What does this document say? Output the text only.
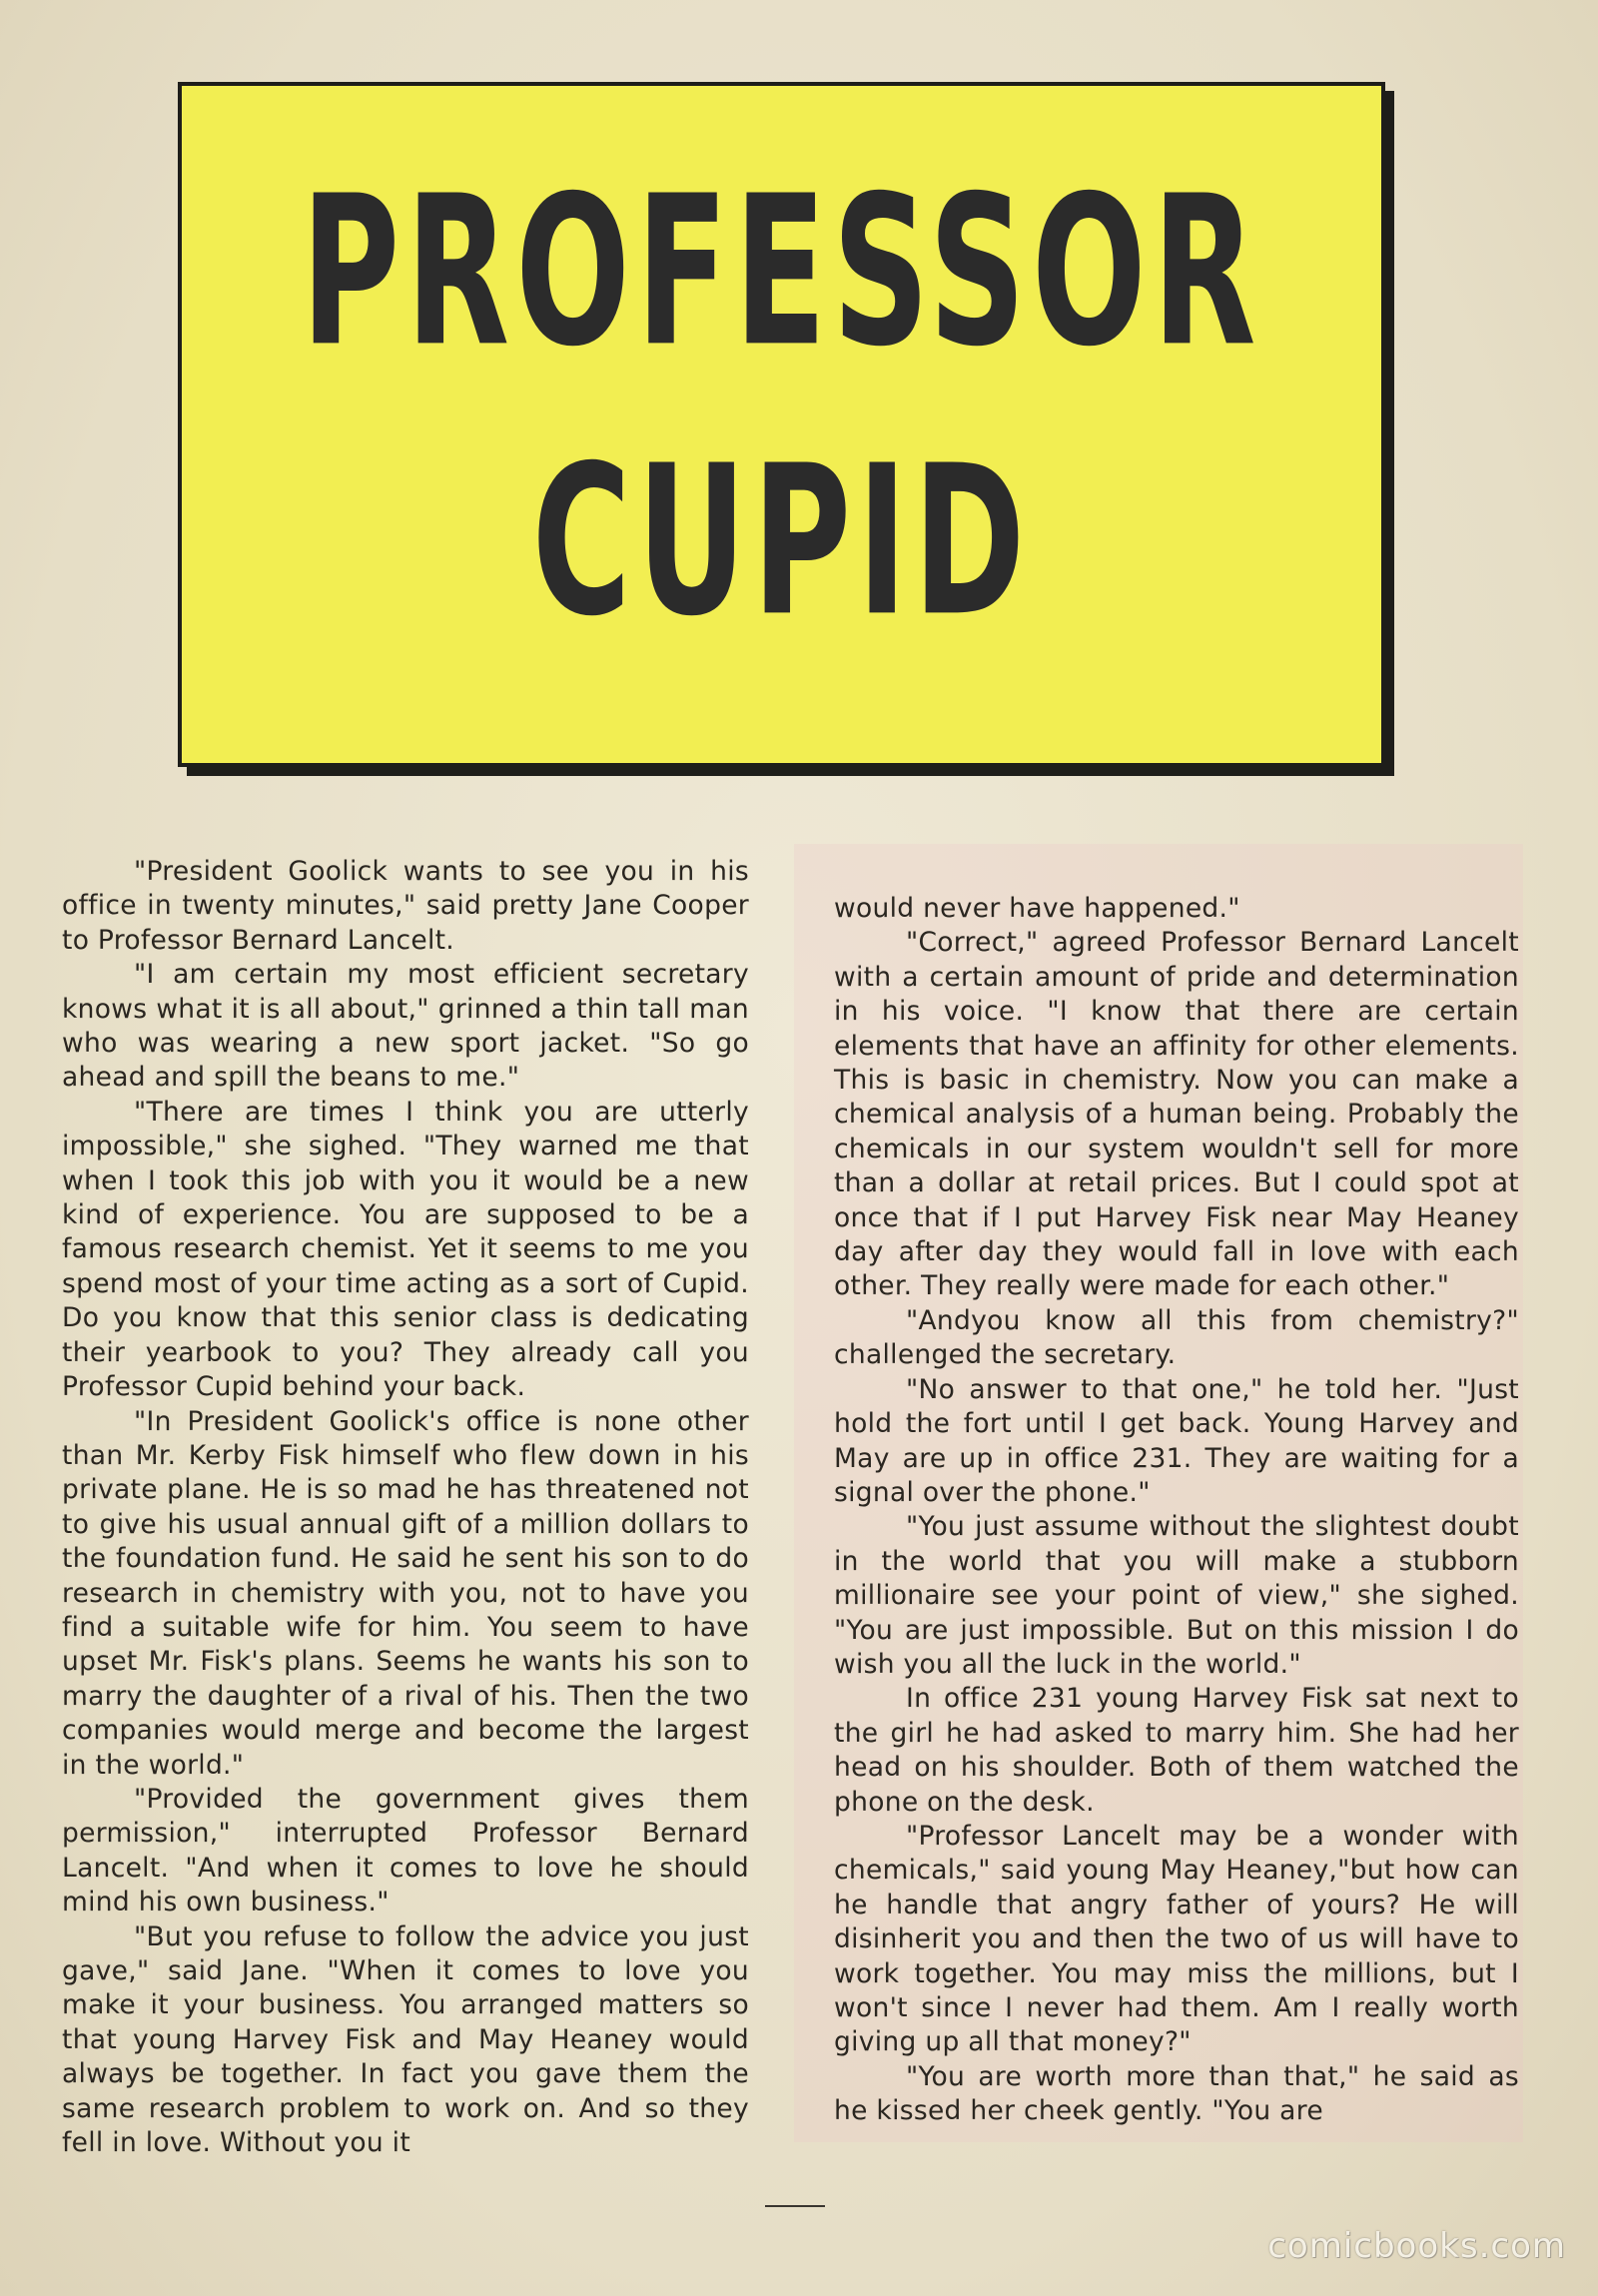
PROFESSOR
CUPID

"President Goolick wants to see you in his office in twenty minutes," said pretty Jane Cooper to Professor Bernard Lancelt.

"I am certain my most efficient secretary knows what it is all about," grinned a thin tall man who was wearing a new sport jacket. "So go ahead and spill the beans to me."

"There are times I think you are utterly impossible," she sighed. "They warned me that when I took this job with you it would be a new kind of experience. You are supposed to be a famous research chemist. Yet it seems to me you spend most of your time acting as a sort of Cupid. Do you know that this senior class is dedicating their yearbook to you? They already call you Professor Cupid behind your back.

"In President Goolick's office is none other than Mr. Kerby Fisk himself who flew down in his private plane. He is so mad he has threatened not to give his usual annual gift of a million dollars to the foundation fund. He said he sent his son to do research in chemistry with you, not to have you find a suitable wife for him. You seem to have upset Mr. Fisk's plans. Seems he wants his son to marry the daughter of a rival of his. Then the two companies would merge and become the largest in the world."

"Provided the government gives them permission," interrupted Professor Bernard Lancelt. "And when it comes to love he should mind his own business."

"But you refuse to follow the advice you just gave," said Jane. "When it comes to love you make it your business. You arranged matters so that young Harvey Fisk and May Heaney would always be together. In fact you gave them the same research problem to work on. And so they fell in love. Without you it

would never have happened."

"Correct," agreed Professor Bernard Lancelt with a certain amount of pride and determination in his voice. "I know that there are certain elements that have an affinity for other elements. This is basic in chemistry. Now you can make a chemical analysis of a human being. Probably the chemicals in our system wouldn't sell for more than a dollar at retail prices. But I could spot at once that if I put Harvey Fisk near May Heaney day after day they would fall in love with each other. They really were made for each other."

"Andyou know all this from chemistry?" challenged the secretary.

"No answer to that one," he told her. "Just hold the fort until I get back. Young Harvey and May are up in office 231. They are waiting for a signal over the phone."

"You just assume without the slightest doubt in the world that you will make a stubborn millionaire see your point of view," she sighed. "You are just impossible. But on this mission I do wish you all the luck in the world."

In office 231 young Harvey Fisk sat next to the girl he had asked to marry him. She had her head on his shoulder. Both of them watched the phone on the desk.

"Professor Lancelt may be a wonder with chemicals," said young May Heaney,"but how can he handle that angry father of yours? He will disinherit you and then the two of us will have to work together. You may miss the millions, but I won't since I never had them. Am I really worth giving up all that money?"

"You are worth more than that," he said as he kissed her cheek gently. "You are

comicbooks.com
